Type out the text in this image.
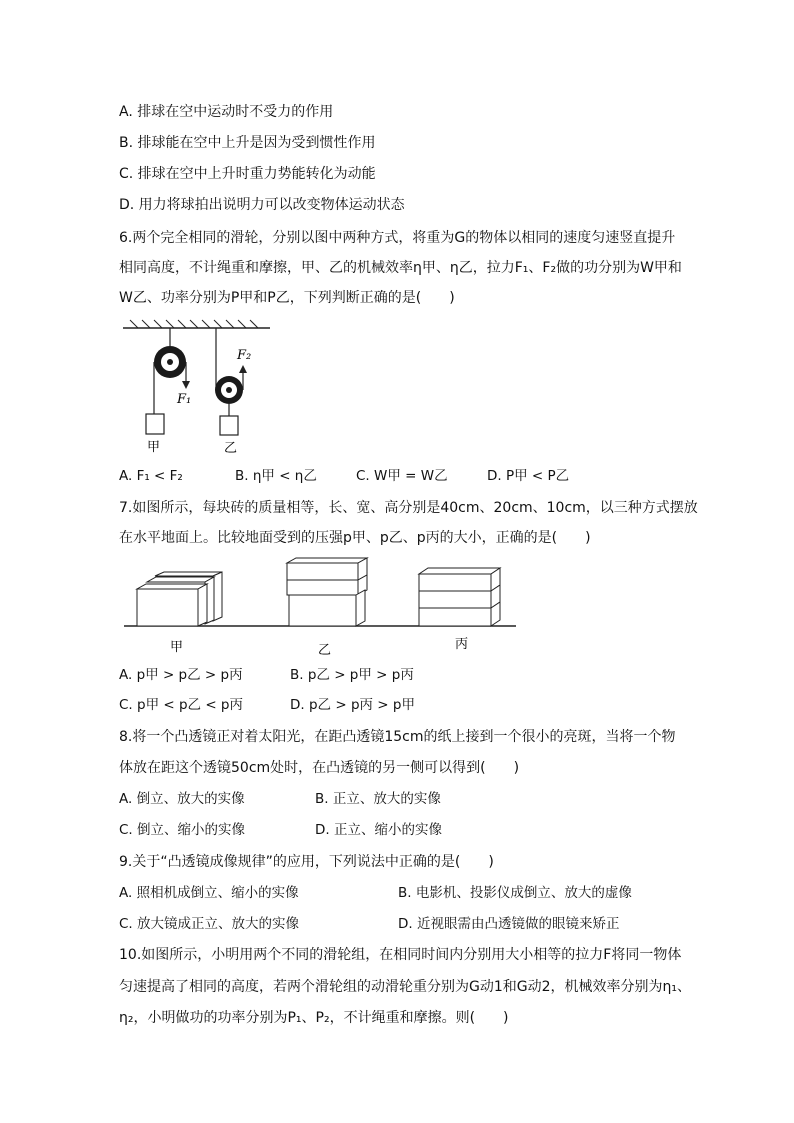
A. 排球在空中运动时不受力的作用
B. 排球能在空中上升是因为受到惯性作用
C. 排球在空中上升时重力势能转化为动能
D. 用力将球拍出说明力可以改变物体运动状态
6.两个完全相同的滑轮，分别以图中两种方式，将重为G的物体以相同的速度匀速竖直提升
相同高度，不计绳重和摩擦，甲、乙的机械效率η甲、η乙，拉力F₁、F₂做的功分别为W甲和
W乙、功率分别为P甲和P乙，下列判断正确的是(　　)
F₁
甲
F₂
乙
A. F₁ < F₂	B. η甲 < η乙	C. W甲 = W乙	D. P甲 < P乙
7.如图所示，每块砖的质量相等，长、宽、高分别是40cm、20cm、10cm，以三种方式摆放
在水平地面上。比较地面受到的压强p甲、p乙、p丙的大小，正确的是(　　)
甲	乙	丙
A. p甲 > p乙 > p丙	B. p乙 > p甲 > p丙
C. p甲 < p乙 < p丙	D. p乙 > p丙 > p甲
8.将一个凸透镜正对着太阳光，在距凸透镜15cm的纸上接到一个很小的亮斑，当将一个物
体放在距这个透镜50cm处时，在凸透镜的另一侧可以得到(　　)
A. 倒立、放大的实像	B. 正立、放大的实像
C. 倒立、缩小的实像	D. 正立、缩小的实像
9.关于“凸透镜成像规律”的应用，下列说法中正确的是(　　)
A. 照相机成倒立、缩小的实像	B. 电影机、投影仪成倒立、放大的虚像
C. 放大镜成正立、放大的实像	D. 近视眼需由凸透镜做的眼镜来矫正
10.如图所示，小明用两个不同的滑轮组，在相同时间内分别用大小相等的拉力F将同一物体
匀速提高了相同的高度，若两个滑轮组的动滑轮重分别为G动1和G动2，机械效率分别为η₁、
η₂，小明做功的功率分别为P₁、P₂，不计绳重和摩擦。则(　　)
